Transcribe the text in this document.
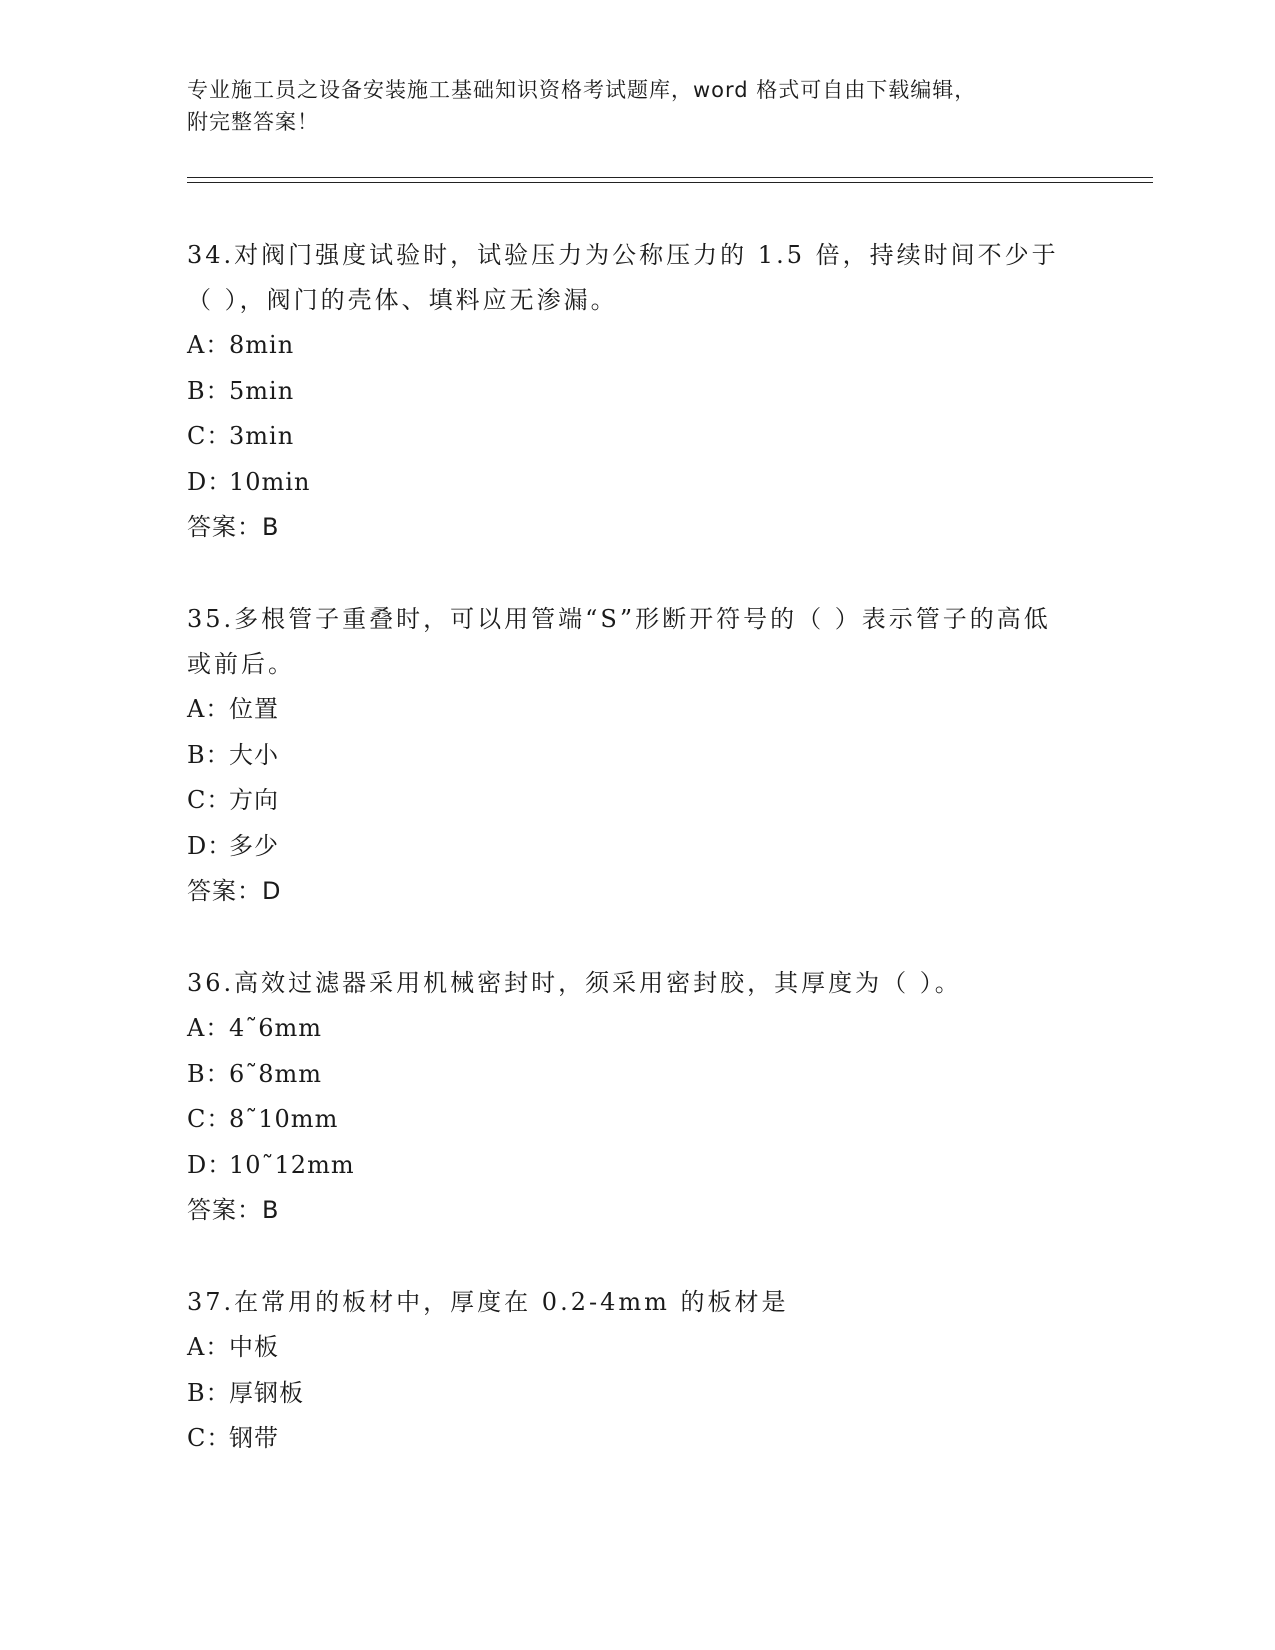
专业施工员之设备安装施工基础知识资格考试题库，word 格式可自由下载编辑，
附完整答案！

34.对阀门强度试验时，试验压力为公称压力的 1.5 倍，持续时间不少于（ ），阀门的壳体、填料应无渗漏。

A：8min

B：5min

C：3min

D：10min

答案：B

35.多根管子重叠时，可以用管端“S”形断开符号的（ ）表示管子的高低或前后。

A：位置

B：大小

C：方向

D：多少

答案：D

36.高效过滤器采用机械密封时，须采用密封胶，其厚度为（ ）。

A：4˜6mm

B：6˜8mm

C：8˜10mm

D：10˜12mm

答案：B

37.在常用的板材中，厚度在 0.2-4mm 的板材是

A：中板

B：厚钢板

C：钢带
